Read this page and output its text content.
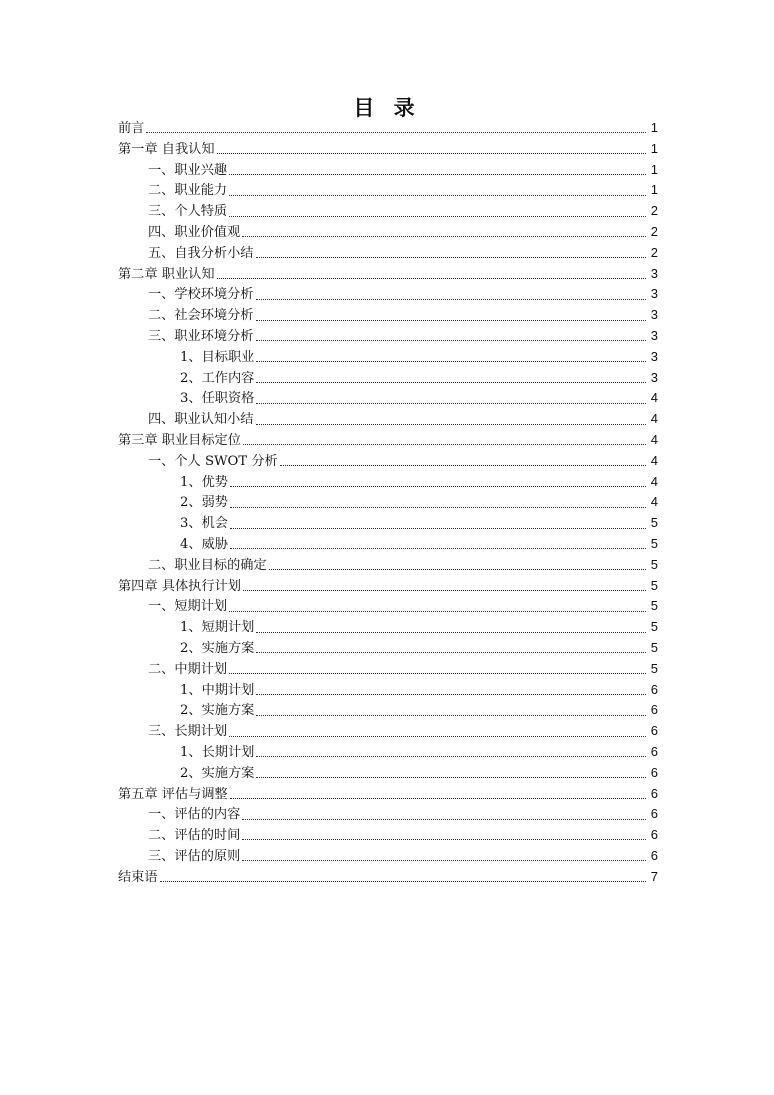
目 录
前言	1
第一章 自我认知	1
一、职业兴趣	1
二、职业能力	1
三、个人特质	2
四、职业价值观	2
五、自我分析小结	2
第二章 职业认知	3
一、学校环境分析	3
二、社会环境分析	3
三、职业环境分析	3
1、目标职业	3
2、工作内容	3
3、任职资格	4
四、职业认知小结	4
第三章 职业目标定位	4
一、个人 SWOT 分析	4
1、优势	4
2、弱势	4
3、机会	5
4、威胁	5
二、职业目标的确定	5
第四章 具体执行计划	5
一、短期计划	5
1、短期计划	5
2、实施方案	5
二、中期计划	5
1、中期计划	6
2、实施方案	6
三、长期计划	6
1、长期计划	6
2、实施方案	6
第五章 评估与调整	6
一、评估的内容	6
二、评估的时间	6
三、评估的原则	6
结束语	7
